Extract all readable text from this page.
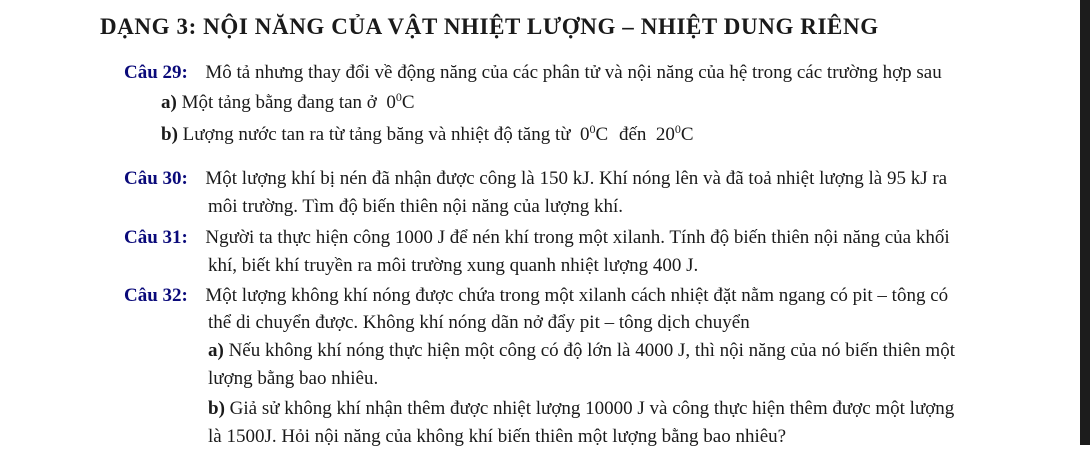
DẠNG 3: NỘI NĂNG CỦA VẬT NHIỆT LƯỢNG – NHIỆT DUNG RIÊNG
Câu 29: Mô tả nhưng thay đổi về động năng của các phân tử và nội năng của hệ trong các trường hợp sau
a) Một tảng bằng đang tan ở $0^0C$
b) Lượng nước tan ra từ tảng băng và nhiệt độ tăng từ $0^0C$ đến $20^0C$
Câu 30: Một lượng khí bị nén đã nhận được công là 150 kJ. Khí nóng lên và đã toả nhiệt lượng là 95 kJ ra
môi trường. Tìm độ biến thiên nội năng của lượng khí.
Câu 31: Người ta thực hiện công 1000 J để nén khí trong một xilanh. Tính độ biến thiên nội năng của khối
khí, biết khí truyền ra môi trường xung quanh nhiệt lượng 400 J.
Câu 32: Một lượng không khí nóng được chứa trong một xilanh cách nhiệt đặt nằm ngang có pit – tông có
thể di chuyển được. Không khí nóng dãn nở đẩy pit – tông dịch chuyển
a) Nếu không khí nóng thực hiện một công có độ lớn là 4000 J, thì nội năng của nó biến thiên một
lượng bằng bao nhiêu.
b) Giả sử không khí nhận thêm được nhiệt lượng 10000 J và công thực hiện thêm được một lượng
là 1500J. Hỏi nội năng của không khí biến thiên một lượng bằng bao nhiêu?
